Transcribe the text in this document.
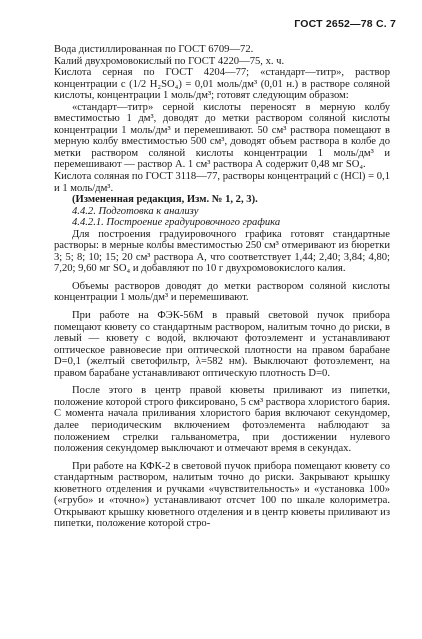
ГОСТ 2652—78 С. 7

Вода дистиллированная по ГОСТ 6709—72.

Калий двухромовокислый по ГОСТ 4220—75, х. ч.

Кислота серная по ГОСТ 4204—77; «стандарт—титр», раствор концентрации c (1/2 H₂SO₄) = 0,01 моль/дм³ (0,01 н.) в растворе соляной кислоты, концентрации 1 моль/дм³; готовят следующим образом:

«стандарт—титр» серной кислоты переносят в мерную колбу вместимостью 1 дм³, доводят до метки раствором соляной кислоты концентрации 1 моль/дм³ и перемешивают. 50 см³ раствора помещают в мерную колбу вместимостью 500 см³, доводят объем раствора в колбе до метки раствором соляной кислоты концентрации 1 моль/дм³ и перемешивают — раствор А. 1 см³ раствора А содержит 0,48 мг SO₄.

Кислота соляная по ГОСТ 3118—77, растворы концентраций c (HCl) = 0,1 и 1 моль/дм³.

(Измененная редакция, Изм. № 1, 2, 3).

4.4.2. Подготовка к анализу

4.4.2.1. Построение градуировочного графика

Для построения градуировочного графика готовят стандартные растворы: в мерные колбы вместимостью 250 см³ отмеривают из бюретки 3; 5; 8; 10; 15; 20 см³ раствора А, что соответствует 1,44; 2,40; 3,84; 4,80; 7,20; 9,60 мг SO₄ и добавляют по 10 г двухромовокислого калия.

Объемы растворов доводят до метки раствором соляной кислоты концентрации 1 моль/дм³ и перемешивают.

При работе на ФЭК-56М в правый световой пучок прибора помещают кювету со стандартным раствором, налитым точно до риски, в левый — кювету с водой, включают фотоэлемент и устанавливают оптическое равновесие при оптической плотности на правом барабане D=0,1 (желтый светофильтр, λ=582 нм). Выключают фотоэлемент, на правом барабане устанавливают оптическую плотность D=0.

После этого в центр правой кюветы приливают из пипетки, положение которой строго фиксировано, 5 см³ раствора хлористого бария. С момента начала приливания хлористого бария включают секундомер, далее периодическим включением фотоэлемента наблюдают за положением стрелки гальванометра, при достижении нулевого положения секундомер выключают и отмечают время в секундах.

При работе на КФК-2 в световой пучок прибора помещают кювету со стандартным раствором, налитым точно до риски. Закрывают крышку кюветного отделения и ручками «чувствительность» и «установка 100» («грубо» и «точно») устанавливают отсчет 100 по шкале колориметра. Открывают крышку кюветного отделения и в центр кюветы приливают из пипетки, положение которой стро-
